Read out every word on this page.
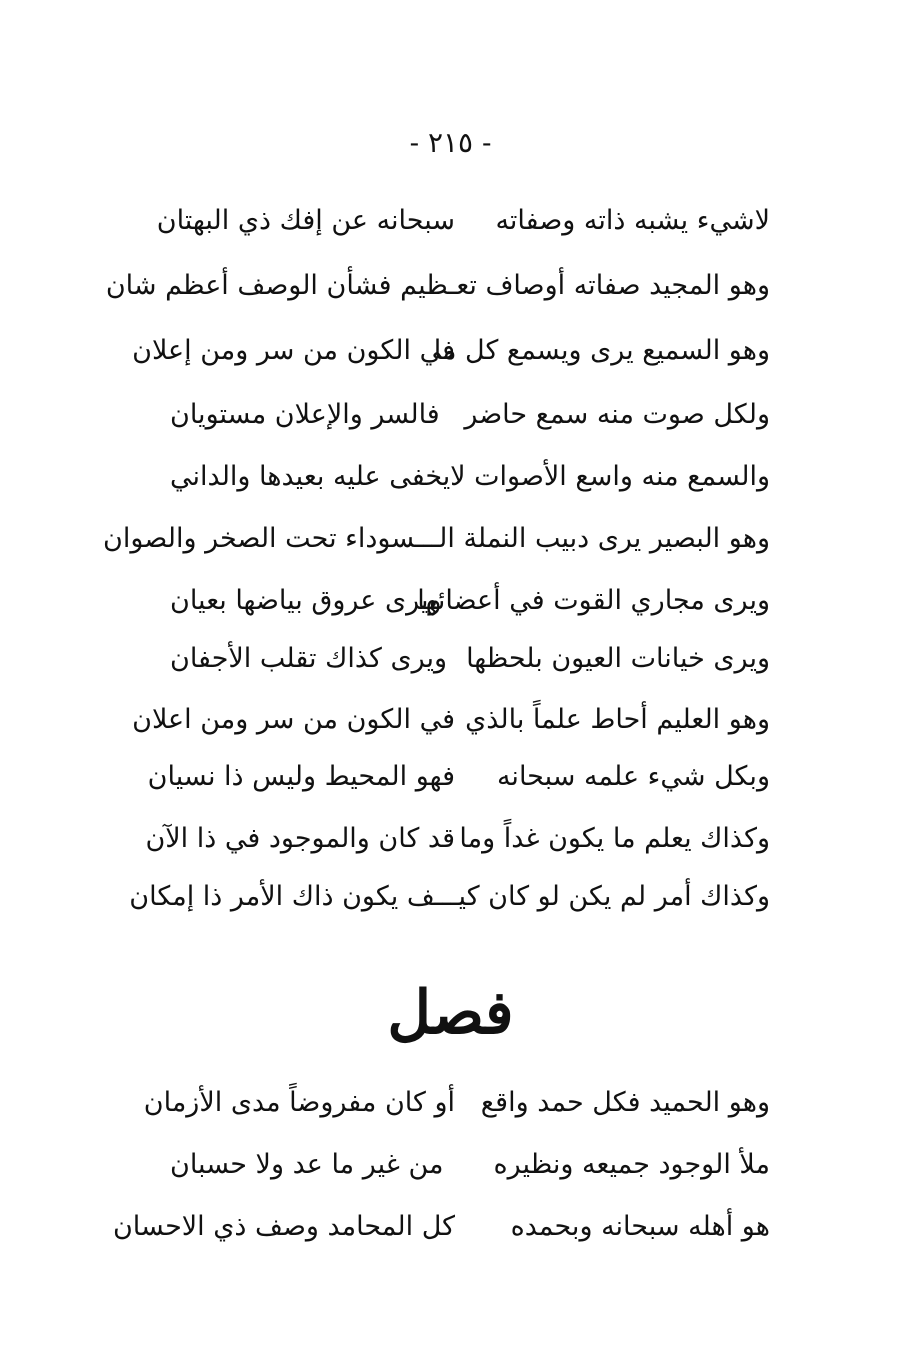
- ٢١٥ -
لاشيء يشبه ذاته وصفاته
سبحانه عن إفك ذي البهتان
وهو المجيد صفاته أوصاف تعـظيم فشأن الوصف أعظم شان
وهو السميع يرى ويسمع كل ما
في الكون من سر ومن إعلان
ولكل صوت منه سمع حاضر
فالسر والإعلان مستويان
والسمع منه واسع الأصوات لا
يخفى عليه بعيدها والداني
وهو البصير يرى دبيب النملة الـــسوداء تحت الصخر والصوان
ويرى مجاري القوت في أعضائها
ويرى عروق بياضها بعيان
ويرى خيانات العيون بلحظها
ويرى كذاك تقلب الأجفان
وهو العليم أحاط علماً بالذي
في الكون من سر ومن اعلان
وبكل شيء علمه سبحانه
فهو المحيط وليس ذا نسيان
وكذاك يعلم ما يكون غداً وما
قد كان والموجود في ذا الآن
وكذاك أمر لم يكن لو كان كيـــف يكون ذاك الأمر ذا إمكان
فصل
وهو الحميد فكل حمد واقع
أو كان مفروضاً مدى الأزمان
ملأ الوجود جميعه ونظيره
من غير ما عد ولا حسبان
هو أهله سبحانه وبحمده
كل المحامد وصف ذي الاحسان
